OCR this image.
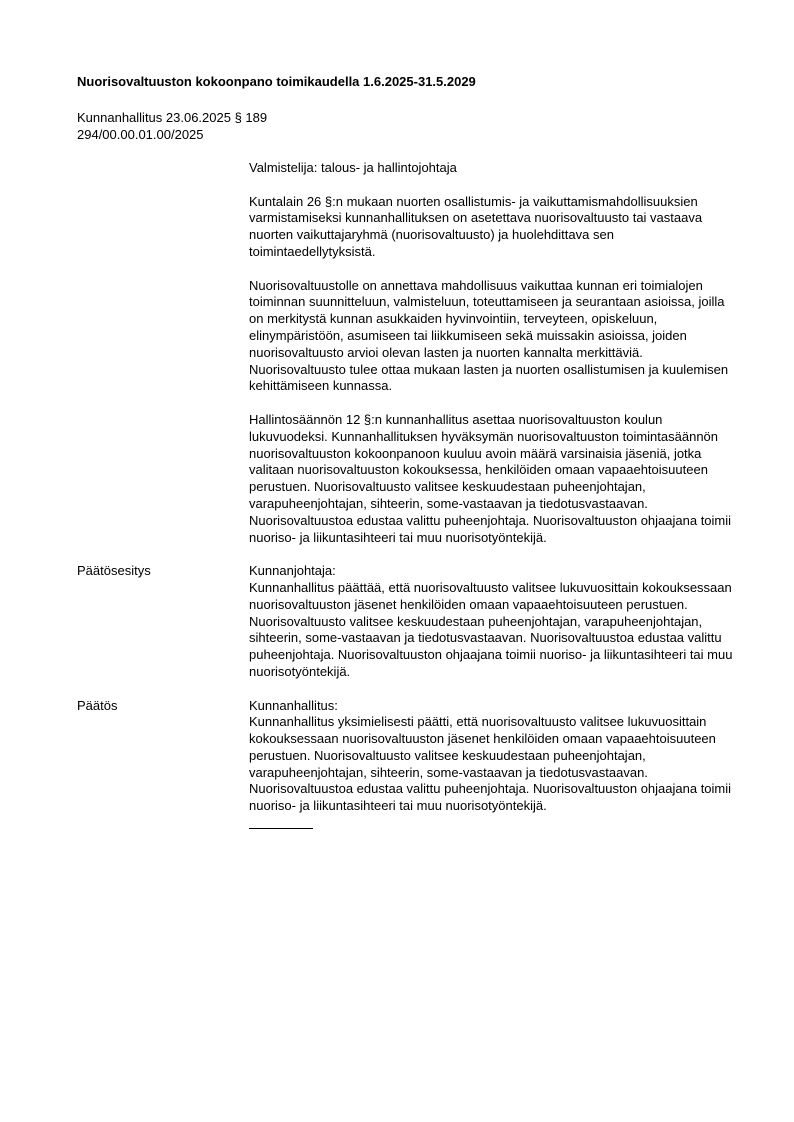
Nuorisovaltuuston kokoonpano toimikaudella 1.6.2025-31.5.2029
Kunnanhallitus 23.06.2025 § 189
294/00.00.01.00/2025

Valmistelija: talous- ja hallintojohtaja

Kuntalain 26 §:n mukaan nuorten osallistumis- ja vaikuttamismahdollisuuksien varmistamiseksi kunnanhallituksen on asetettava nuorisovaltuusto tai vastaava nuorten vaikuttajaryhmä (nuorisovaltuusto) ja huolehdittava sen toimintaedellytyksistä.

Nuorisovaltuustolle on annettava mahdollisuus vaikuttaa kunnan eri toimialojen toiminnan suunnitteluun, valmisteluun, toteuttamiseen ja seurantaan asioissa, joilla on merkitystä kunnan asukkaiden hyvinvointiin, terveyteen, opiskeluun, elinympäristöön, asumiseen tai liikkumiseen sekä muissakin asioissa, joiden nuorisovaltuusto arvioi olevan lasten ja nuorten kannalta merkittäviä. Nuorisovaltuusto tulee ottaa mukaan lasten ja nuorten osallistumisen ja kuulemisen kehittämiseen kunnassa.

Hallintosäännön 12 §:n kunnanhallitus asettaa nuorisovaltuuston koulun lukuvuodeksi. Kunnanhallituksen hyväksymän nuorisovaltuuston toimintasäännön nuorisovaltuuston kokoonpanoon kuuluu avoin määrä varsinaisia jäseniä, jotka valitaan nuorisovaltuuston kokouksessa, henkilöiden omaan vapaaehtoisuuteen perustuen. Nuorisovaltuusto valitsee keskuudestaan puheenjohtajan, varapuheenjohtajan, sihteerin, some-vastaavan ja tiedotusvastaavan. Nuorisovaltuustoa edustaa valittu puheenjohtaja. Nuorisovaltuuston ohjaajana toimii nuoriso- ja liikuntasihteeri tai muu nuorisotyöntekijä.

Päätösesitys	Kunnanjohtaja:

Kunnanhallitus päättää, että nuorisovaltuusto valitsee lukuvuosittain kokouksessaan nuorisovaltuuston jäsenet henkilöiden omaan vapaaehtoisuuteen perustuen. Nuorisovaltuusto valitsee keskuudestaan puheenjohtajan, varapuheenjohtajan, sihteerin, some-vastaavan ja tiedotusvastaavan. Nuorisovaltuustoa edustaa valittu puheenjohtaja. Nuorisovaltuuston ohjaajana toimii nuoriso- ja liikuntasihteeri tai muu nuorisotyöntekijä.

Päätös	Kunnanhallitus:

Kunnanhallitus yksimielisesti päätti, että nuorisovaltuusto valitsee lukuvuosittain kokouksessaan nuorisovaltuuston jäsenet henkilöiden omaan vapaaehtoisuuteen perustuen. Nuorisovaltuusto valitsee keskuudestaan puheenjohtajan, varapuheenjohtajan, sihteerin, some-vastaavan ja tiedotusvastaavan. Nuorisovaltuustoa edustaa valittu puheenjohtaja. Nuorisovaltuuston ohjaajana toimii nuoriso- ja liikuntasihteeri tai muu nuorisotyöntekijä.
